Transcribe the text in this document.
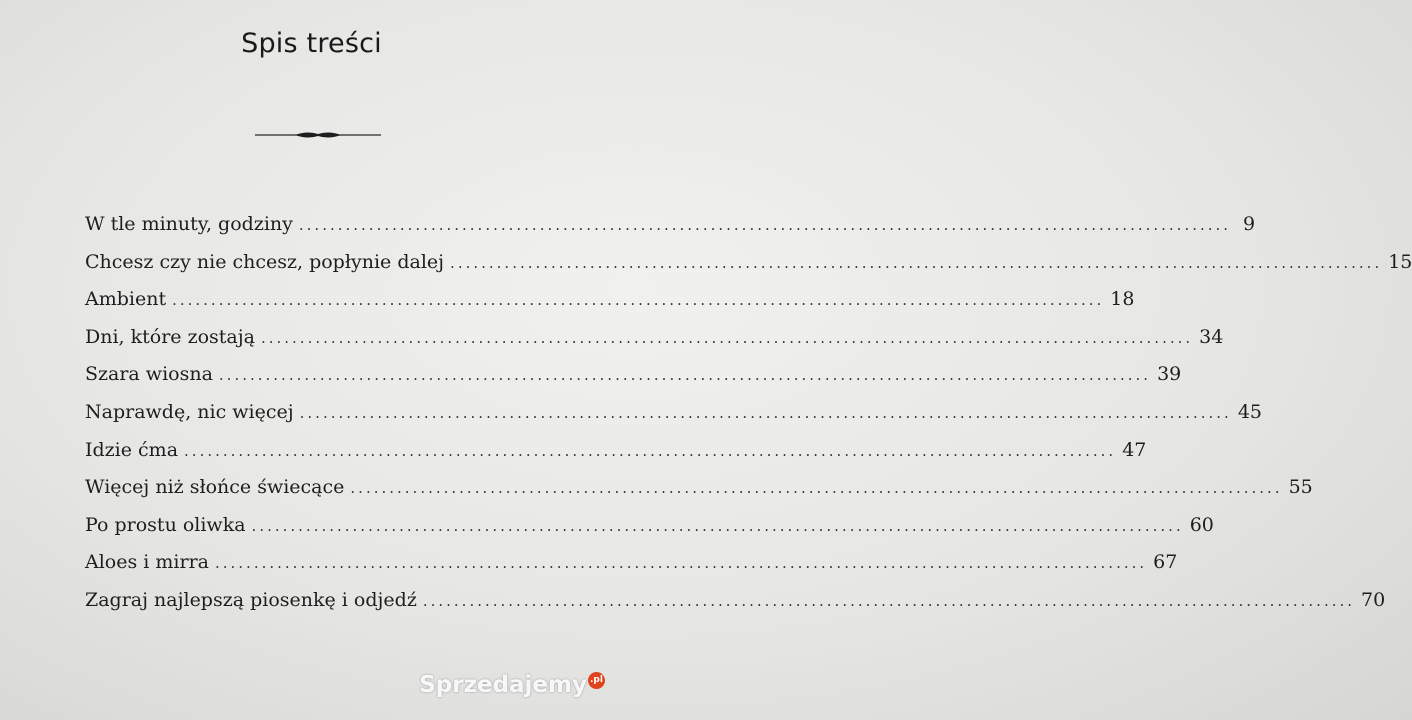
Spis treści
W tle minuty, godziny ........................................................................................................................ 9
Chcesz czy nie chcesz, popłynie dalej ........................................................................................................................ 15
Ambient ........................................................................................................................ 18
Dni, które zostają ........................................................................................................................ 34
Szara wiosna ........................................................................................................................ 39
Naprawdę, nic więcej ........................................................................................................................ 45
Idzie ćma ........................................................................................................................ 47
Więcej niż słońce świecące ........................................................................................................................ 55
Po prostu oliwka ........................................................................................................................ 60
Aloes i mirra ........................................................................................................................ 67
Zagraj najlepszą piosenkę i odjedź ........................................................................................................................ 70
Sprzedajemy .pl
